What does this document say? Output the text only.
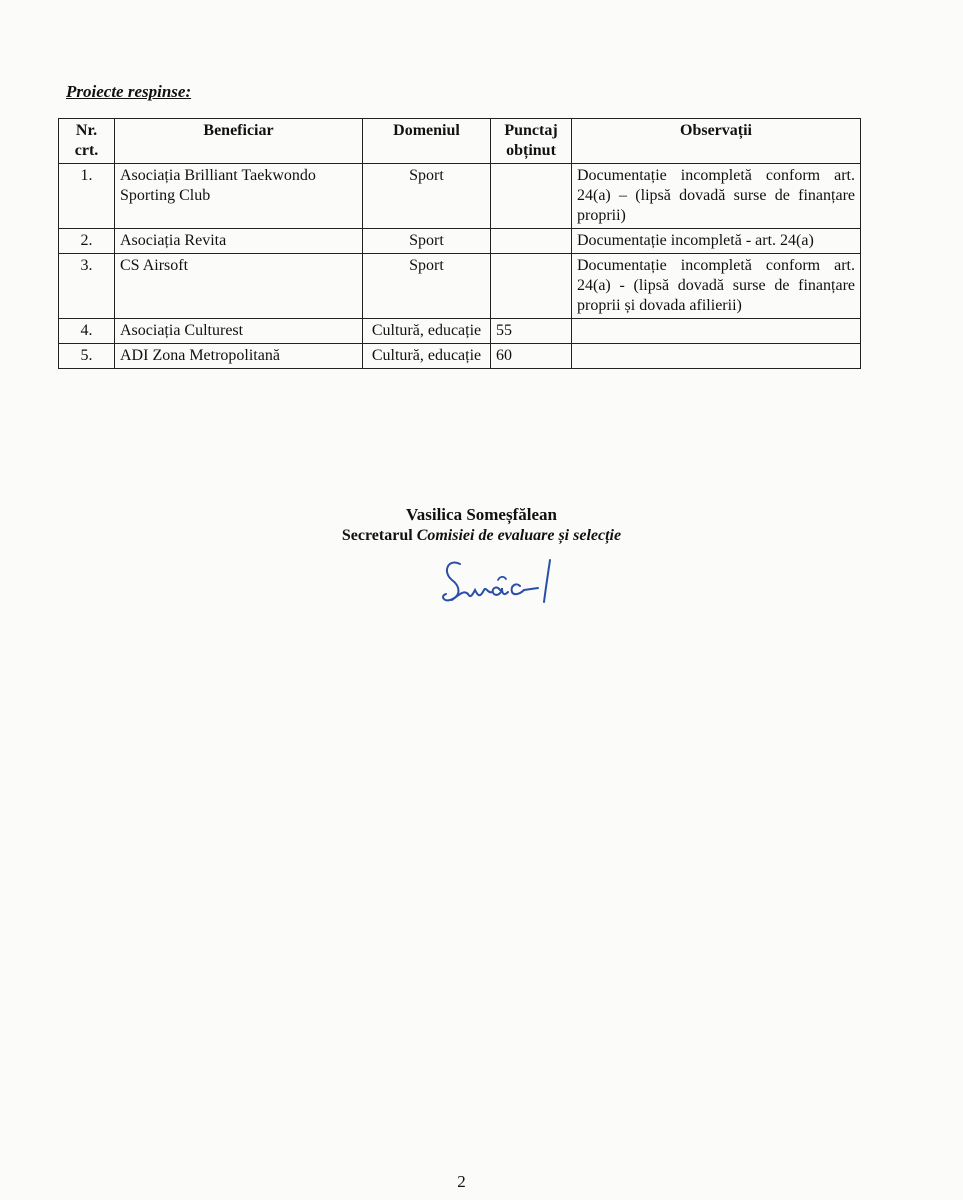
Proiecte respinse:
Nr. crt.	Beneficiar	Domeniul	Punctaj obținut	Observații
1.	Asociația Brilliant Taekwondo Sporting Club	Sport		Documentație incompletă conform art. 24(a) – (lipsă dovadă surse de finanțare proprii)
2.	Asociația Revita	Sport		Documentație incompletă - art. 24(a)
3.	CS Airsoft	Sport		Documentație incompletă conform art. 24(a) - (lipsă dovadă surse de finanțare proprii și dovada afilierii)
4.	Asociația Culturest	Cultură, educație	55	
5.	ADI Zona Metropolitană	Cultură, educație	60	
Vasilica Someșfălean
Secretarul Comisiei de evaluare și selecție
2
